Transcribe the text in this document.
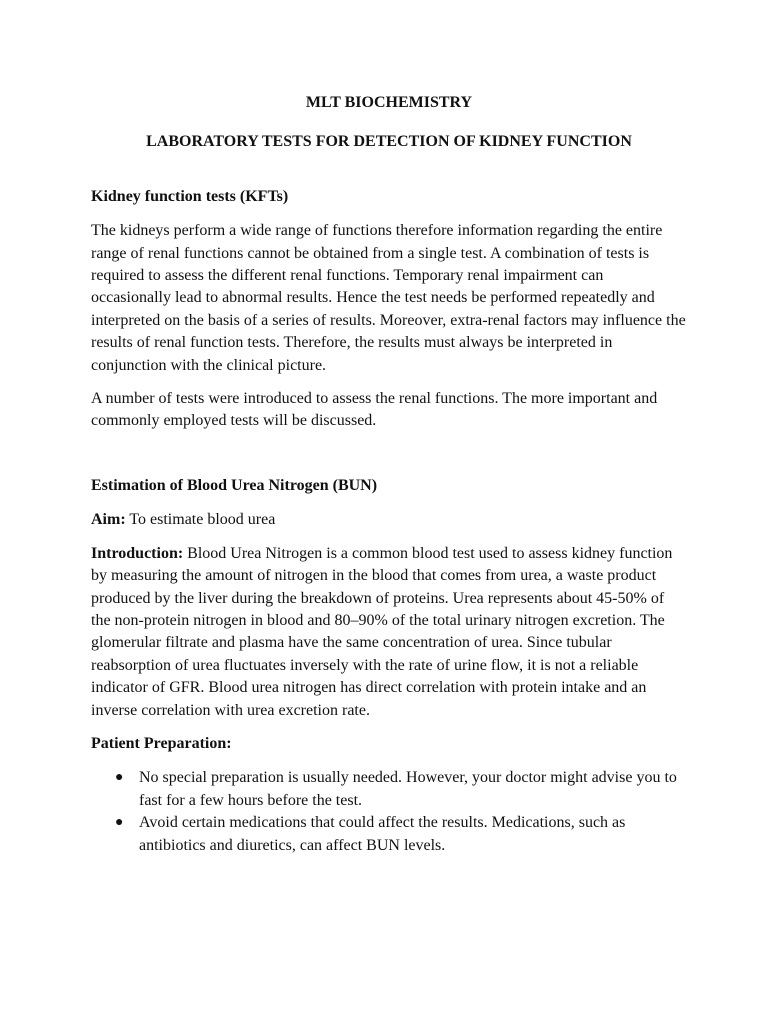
MLT BIOCHEMISTRY

LABORATORY TESTS FOR DETECTION OF KIDNEY FUNCTION

Kidney function tests (KFTs)

The kidneys perform a wide range of functions therefore information regarding the entire range of renal functions cannot be obtained from a single test. A combination of tests is required to assess the different renal functions. Temporary renal impairment can occasionally lead to abnormal results. Hence the test needs be performed repeatedly and interpreted on the basis of a series of results. Moreover, extra-renal factors may influence the results of renal function tests. Therefore, the results must always be interpreted in conjunction with the clinical picture.

A number of tests were introduced to assess the renal functions. The more important and commonly employed tests will be discussed.

Estimation of Blood Urea Nitrogen (BUN)

Aim: To estimate blood urea

Introduction: Blood Urea Nitrogen is a common blood test used to assess kidney function by measuring the amount of nitrogen in the blood that comes from urea, a waste product produced by the liver during the breakdown of proteins. Urea represents about 45-50% of the non-protein nitrogen in blood and 80–90% of the total urinary nitrogen excretion. The glomerular filtrate and plasma have the same concentration of urea. Since tubular reabsorption of urea fluctuates inversely with the rate of urine flow, it is not a reliable indicator of GFR. Blood urea nitrogen has direct correlation with protein intake and an inverse correlation with urea excretion rate.

Patient Preparation:
● No special preparation is usually needed. However, your doctor might advise you to fast for a few hours before the test.
● Avoid certain medications that could affect the results. Medications, such as antibiotics and diuretics, can affect BUN levels.
